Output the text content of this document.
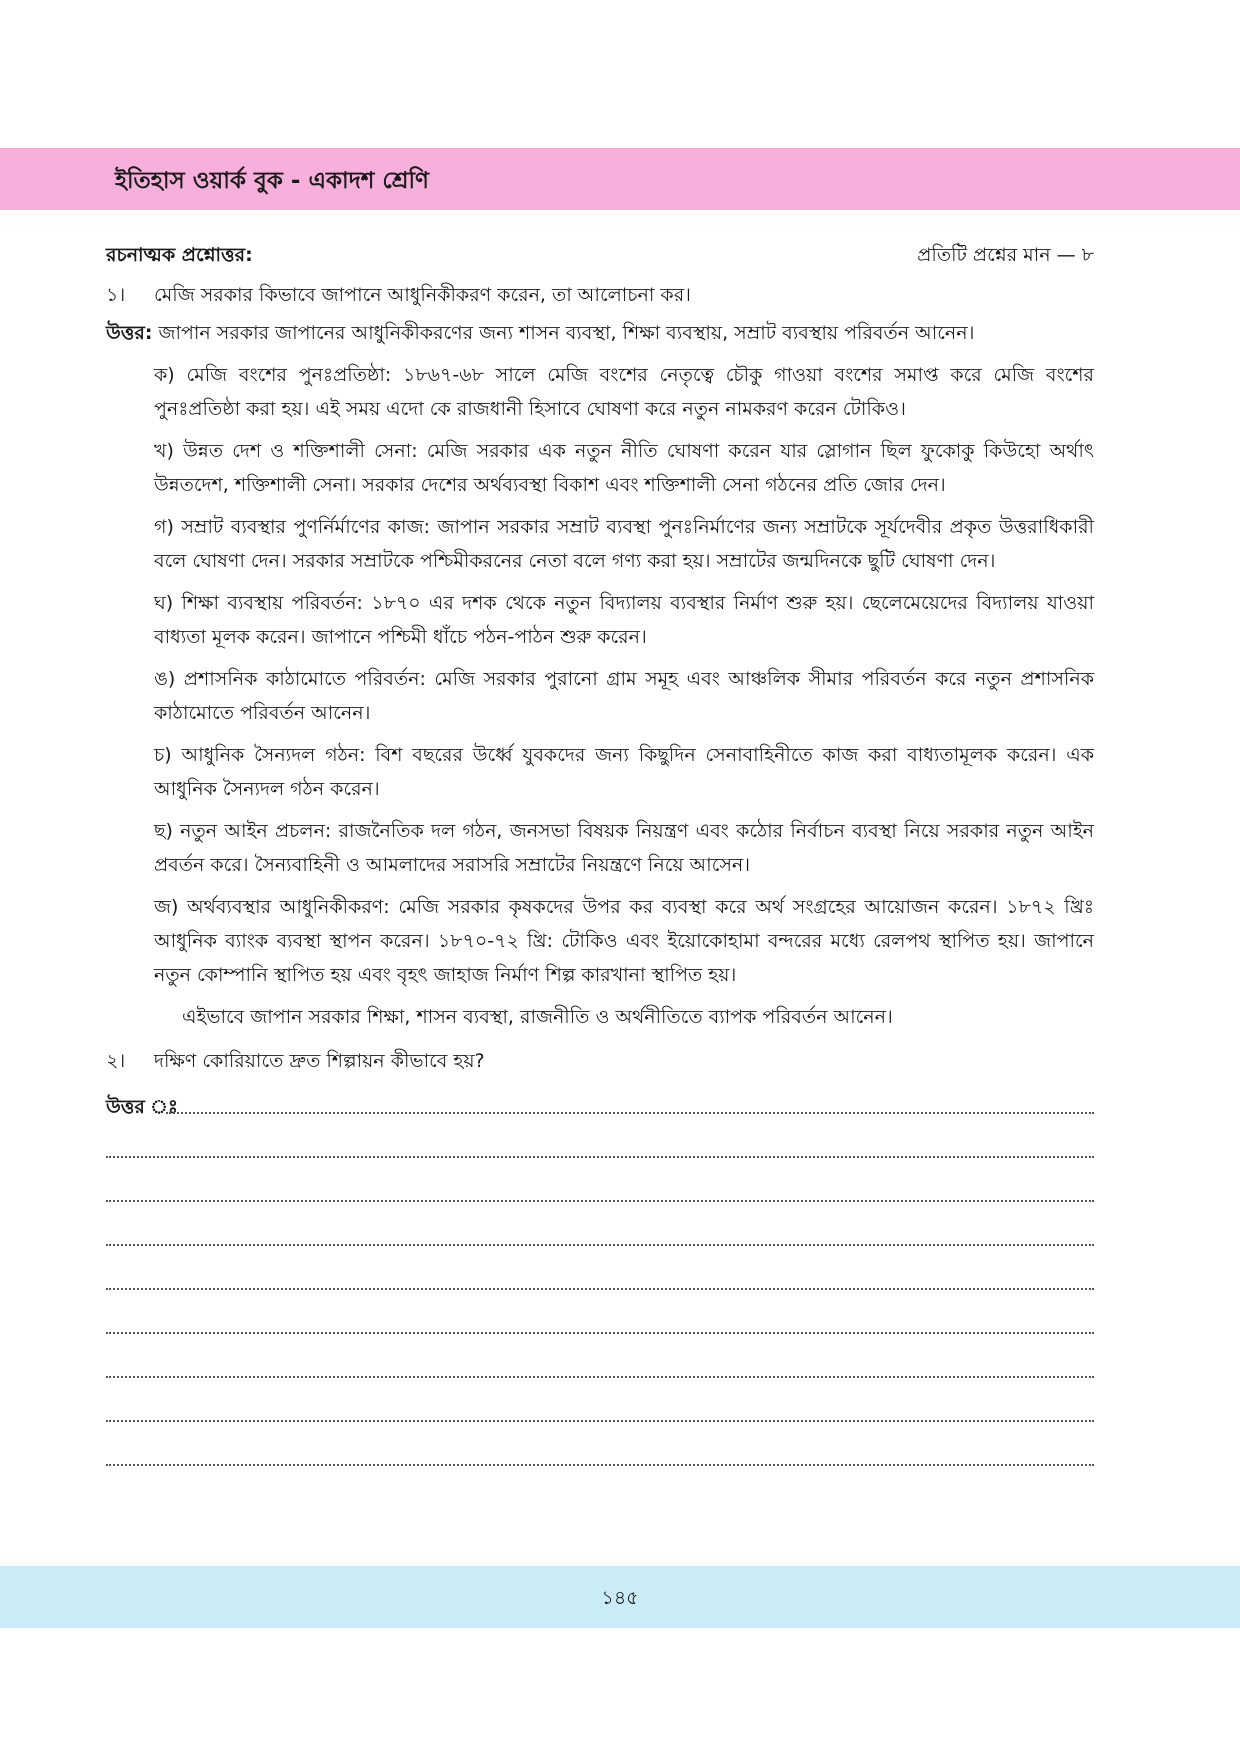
ইতিহাস ওয়ার্ক বুক - একাদশ শ্রেণি
রচনাত্মক প্রশ্নোত্তর:	প্রতিটি প্রশ্নের মান — ৮
১।	মেজি সরকার কিভাবে জাপানে আধুনিকীকরণ করেন, তা আলোচনা কর।
উত্তর: জাপান সরকার জাপানের আধুনিকীকরণের জন্য শাসন ব্যবস্থা, শিক্ষা ব্যবস্থায়, সম্রাট ব্যবস্থায় পরিবর্তন আনেন।
ক) মেজি বংশের পুনঃপ্রতিষ্ঠা: ১৮৬৭-৬৮ সালে মেজি বংশের নেতৃত্বে চৌকু গাওয়া বংশের সমাপ্ত করে মেজি বংশের পুনঃপ্রতিষ্ঠা করা হয়। এই সময় এদো কে রাজধানী হিসাবে ঘোষণা করে নতুন নামকরণ করেন টোকিও।
খ) উন্নত দেশ ও শক্তিশালী সেনা: মেজি সরকার এক নতুন নীতি ঘোষণা করেন যার স্লোগান ছিল ফুকোকু কিউহো অর্থাৎ উন্নতদেশ, শক্তিশালী সেনা। সরকার দেশের অর্থব্যবস্থা বিকাশ এবং শক্তিশালী সেনা গঠনের প্রতি জোর দেন।
গ) সম্রাট ব্যবস্থার পুণর্নির্মাণের কাজ: জাপান সরকার সম্রাট ব্যবস্থা পুনঃনির্মাণের জন্য সম্রাটকে সূর্যদেবীর প্রকৃত উত্তরাধিকারী বলে ঘোষণা দেন। সরকার সম্রাটকে পশ্চিমীকরনের নেতা বলে গণ্য করা হয়। সম্রাটের জন্মদিনকে ছুটি ঘোষণা দেন।
ঘ) শিক্ষা ব্যবস্থায় পরিবর্তন: ১৮৭০ এর দশক থেকে নতুন বিদ্যালয় ব্যবস্থার নির্মাণ শুরু হয়। ছেলেমেয়েদের বিদ্যালয় যাওয়া বাধ্যতা মূলক করেন। জাপানে পশ্চিমী ধাঁচে পঠন-পাঠন শুরু করেন।
ঙ) প্রশাসনিক কাঠামোতে পরিবর্তন: মেজি সরকার পুরানো গ্রাম সমূহ এবং আঞ্চলিক সীমার পরিবর্তন করে নতুন প্রশাসনিক কাঠামোতে পরিবর্তন আনেন।
চ) আধুনিক সৈন্যদল গঠন: বিশ বছরের উর্ধ্বে যুবকদের জন্য কিছুদিন সেনাবাহিনীতে কাজ করা বাধ্যতামূলক করেন। এক আধুনিক সৈন্যদল গঠন করেন।
ছ) নতুন আইন প্রচলন: রাজনৈতিক দল গঠন, জনসভা বিষয়ক নিয়ন্ত্রণ এবং কঠোর নির্বাচন ব্যবস্থা নিয়ে সরকার নতুন আইন প্রবর্তন করে। সৈন্যবাহিনী ও আমলাদের সরাসরি সম্রাটের নিয়ন্ত্রণে নিয়ে আসেন।
জ) অর্থব্যবস্থার আধুনিকীকরণ: মেজি সরকার কৃষকদের উপর কর ব্যবস্থা করে অর্থ সংগ্রহের আয়োজন করেন। ১৮৭২ খ্রিঃ আধুনিক ব্যাংক ব্যবস্থা স্থাপন করেন। ১৮৭০-৭২ খ্রি: টোকিও এবং ইয়োকোহামা বন্দরের মধ্যে রেলপথ স্থাপিত হয়। জাপানে নতুন কোম্পানি স্থাপিত হয় এবং বৃহৎ জাহাজ নির্মাণ শিল্প কারখানা স্থাপিত হয়।
এইভাবে জাপান সরকার শিক্ষা, শাসন ব্যবস্থা, রাজনীতি ও অর্থনীতিতে ব্যাপক পরিবর্তন আনেন।
২।	দক্ষিণ কোরিয়াতে দ্রুত শিল্পায়ন কীভাবে হয়?
উত্তর ঃ
১৪৫
